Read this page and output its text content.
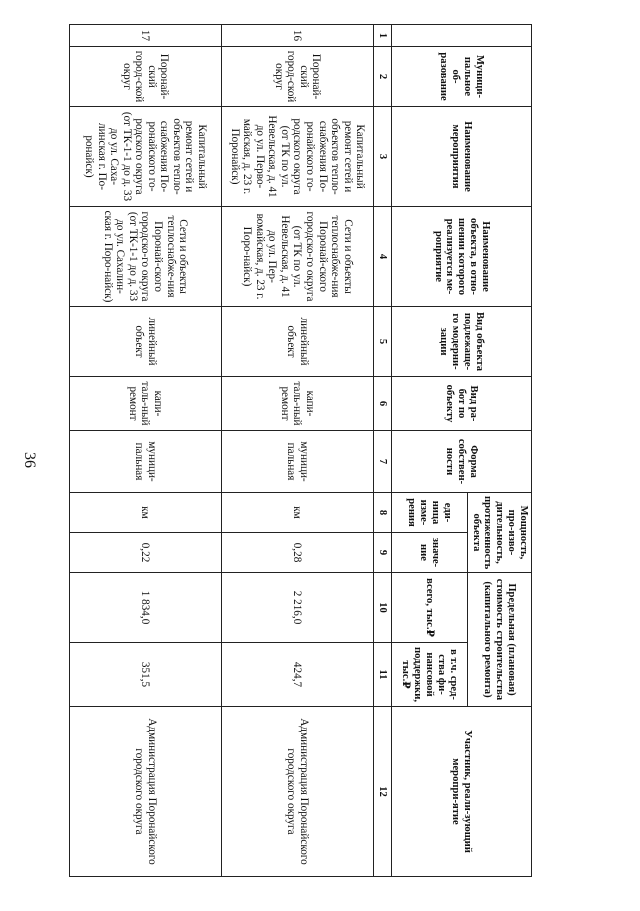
36
	Муници-пальное об-разование	Наименование мероприятия	Наименование объекта, в отно-шении которого реализуется ме-роприятие	Вид объекта подлежаще-го модерни-зации	Вид ра-бот по объекту	Форма собствен-ности	Мощность, про-изво-дительность, протяженность объекта		Предельная (плановая) стоимость строительства (капитального ремонта)		Участник, реали-зующий меропри-ятие
							еди-ница изме-рения	значе-ние	всего, тыс.₽	в т.ч. сред-ства фи-нансовой поддержки, тыс.₽	
1	2	3	4	5	6	7	8	9	10	11	12
16	Поронай-ский город-ской округ	Капитальный ремонт сетей и объектов тепло-снабжения По-ронайского го-родского округа (от ТК по ул. Невельская, д. 41 до ул. Перво-майская, д. 23 г. Поронайск)	Сети и объекты теплоснабже-ния Поронай-ского городско-го округа (от ТК по ул. Невельская, д. 41 до ул. Пер-вомайская, д. 23 г. Поро-найск)	линейный объект	капи-таль-ный ремонт	муници-пальная	км	0,28	2 216,0	424,7	Администрация Поронайского городского округа
17	Поронай-ский город-ской округ	Капитальный ремонт сетей и объектов тепло-снабжения По-ронайского го-родского округа (от ТК-1-1 до д. 33 до ул. Саха-линская г. По-ронайск)	Сети и объекты теплоснабже-ния Поронай-ского городско-го округа (от ТК-1-1 до д. 33 до ул. Сахалин-ская г. Поро-найск)	линейный объект	капи-таль-ный ремонт	муници-пальная	км	0,22	1 834,0	351,5	Администрация Поронайского городского округа
